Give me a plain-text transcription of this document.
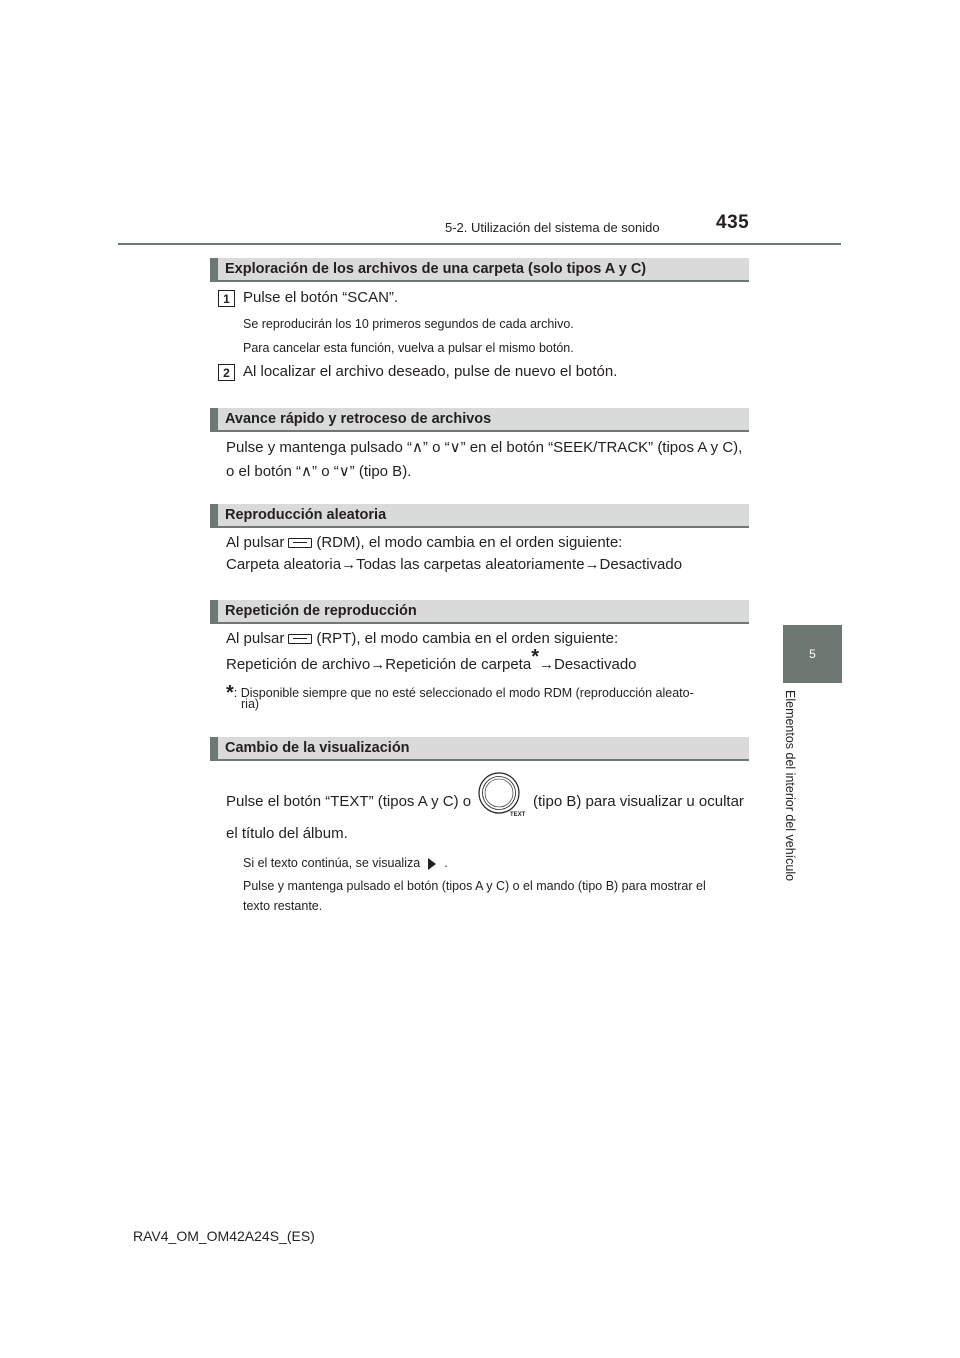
5-2. Utilización del sistema de sonido	435
5
Elementos del interior del vehículo
Exploración de los archivos de una carpeta (solo tipos A y C)
1 Pulse el botón “SCAN”.
Se reproducirán los 10 primeros segundos de cada archivo.
Para cancelar esta función, vuelva a pulsar el mismo botón.
2 Al localizar el archivo deseado, pulse de nuevo el botón.
Avance rápido y retroceso de archivos
Pulse y mantenga pulsado “∧” o “∨” en el botón “SEEK/TRACK” (tipos A y C),
o el botón “∧” o “∨” (tipo B).
Reproducción aleatoria
Al pulsar (RDM), el modo cambia en el orden siguiente:
Carpeta aleatoria→Todas las carpetas aleatoriamente→Desactivado
Repetición de reproducción
Al pulsar (RPT), el modo cambia en el orden siguiente:
Repetición de archivo→Repetición de carpeta*→Desactivado
*: Disponible siempre que no esté seleccionado el modo RDM (reproducción aleato-
ria)
Cambio de la visualización
Pulse el botón “TEXT” (tipos A y C) o
TEXT
(tipo B) para visualizar u ocultar
el título del álbum.
Si el texto continúa, se visualiza .
Pulse y mantenga pulsado el botón (tipos A y C) o el mando (tipo B) para mostrar el
texto restante.
RAV4_OM_OM42A24S_(ES)
